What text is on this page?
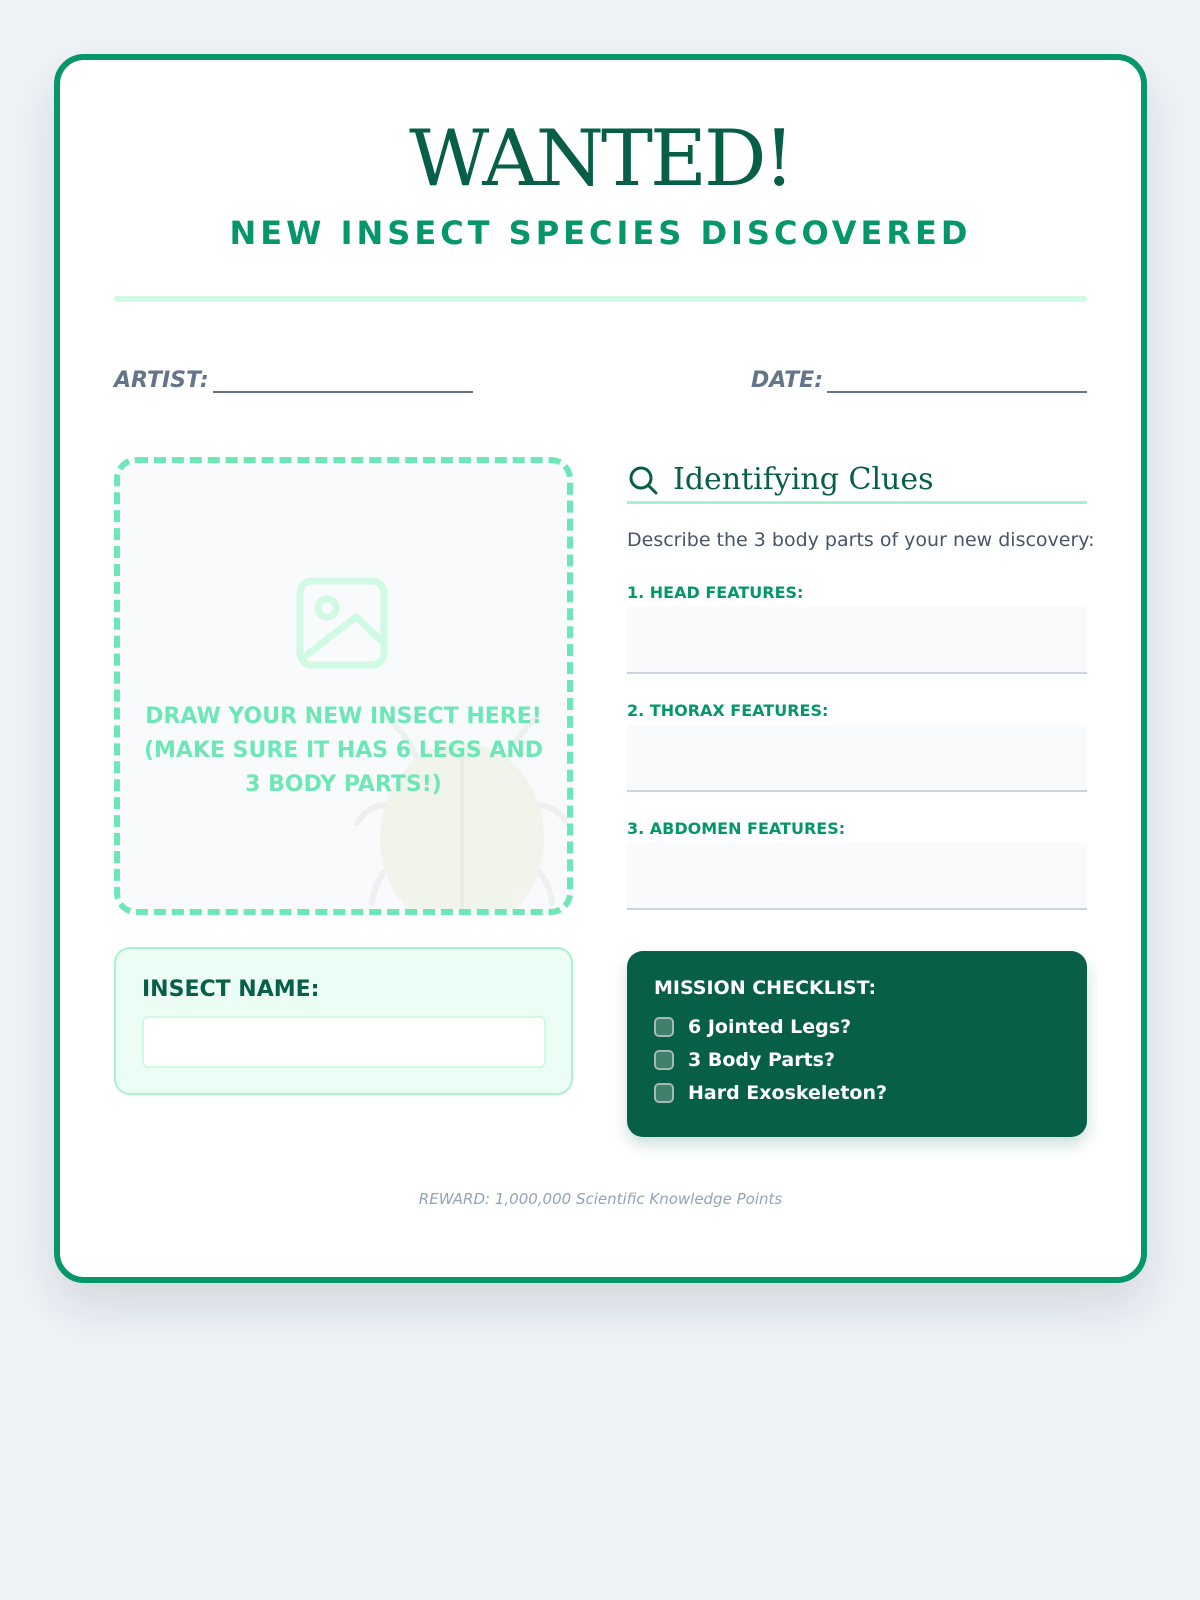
WANTED!
NEW INSECT SPECIES DISCOVERED
ARTIST:	DATE:
DRAW YOUR NEW INSECT HERE! (MAKE SURE IT HAS 6 LEGS AND 3 BODY PARTS!)
Identifying Clues
Describe the 3 body parts of your new discovery:
1. HEAD FEATURES:
2. THORAX FEATURES:
3. ABDOMEN FEATURES:
INSECT NAME:	MISSION CHECKLIST:
6 Jointed Legs?
3 Body Parts?
Hard Exoskeleton?
REWARD: 1,000,000 Scientific Knowledge Points
